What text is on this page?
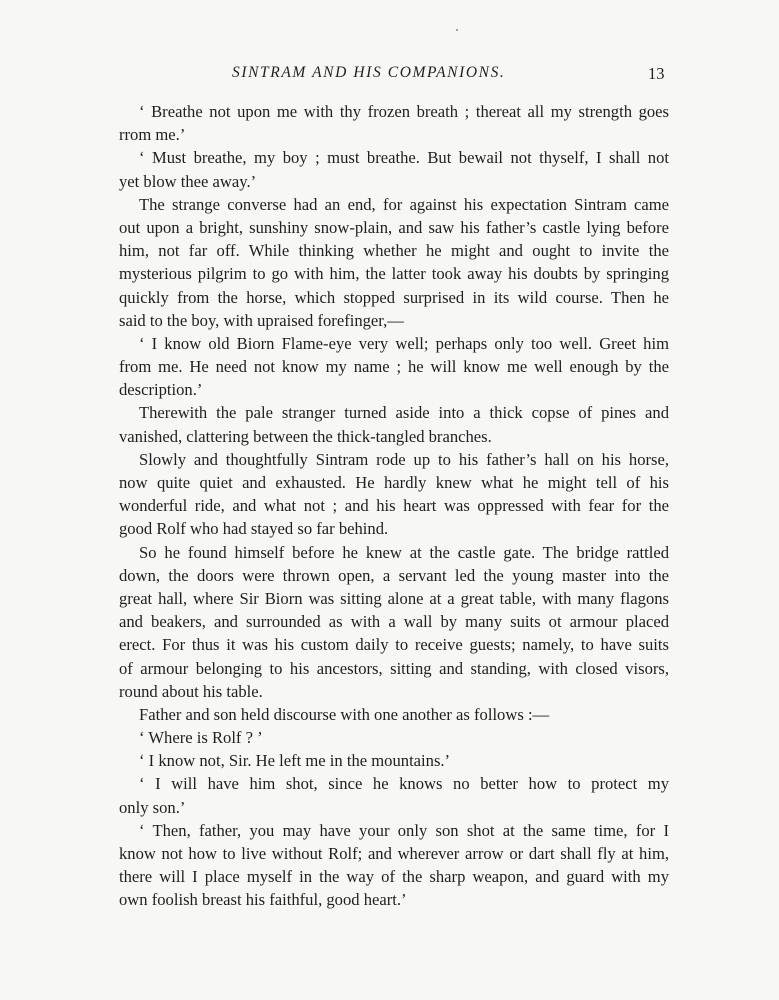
SINTRAM AND HIS COMPANIONS.	13
‘ Breathe not upon me with thy frozen breath ; thereat all my strength goes
rrom me.’
‘ Must breathe, my boy ; must breathe. But bewail not thyself, I shall not
yet blow thee away.’
The strange converse had an end, for against his expectation Sintram came
out upon a bright, sunshiny snow-plain, and saw his father’s castle lying before
him, not far off. While thinking whether he might and ought to invite the
mysterious pilgrim to go with him, the latter took away his doubts by springing
quickly from the horse, which stopped surprised in its wild course. Then he
said to the boy, with upraised forefinger,—
‘ I know old Biorn Flame-eye very well; perhaps only too well. Greet him
from me. He need not know my name ; he will know me well enough by the
description.’
Therewith the pale stranger turned aside into a thick copse of pines and
vanished, clattering between the thick-tangled branches.
Slowly and thoughtfully Sintram rode up to his father’s hall on his horse,
now quite quiet and exhausted. He hardly knew what he might tell of his
wonderful ride, and what not ; and his heart was oppressed with fear for the
good Rolf who had stayed so far behind.
So he found himself before he knew at the castle gate. The bridge rattled
down, the doors were thrown open, a servant led the young master into the
great hall, where Sir Biorn was sitting alone at a great table, with many flagons
and beakers, and surrounded as with a wall by many suits ot armour placed
erect. For thus it was his custom daily to receive guests; namely, to have suits
of armour belonging to his ancestors, sitting and standing, with closed visors,
round about his table.
Father and son held discourse with one another as follows :—
‘ Where is Rolf ? ’
‘ I know not, Sir. He left me in the mountains.’
‘ I will have him shot, since he knows no better how to protect my
only son.’
‘ Then, father, you may have your only son shot at the same time, for I
know not how to live without Rolf; and wherever arrow or dart shall fly at him,
there will I place myself in the way of the sharp weapon, and guard with my
own foolish breast his faithful, good heart.’
